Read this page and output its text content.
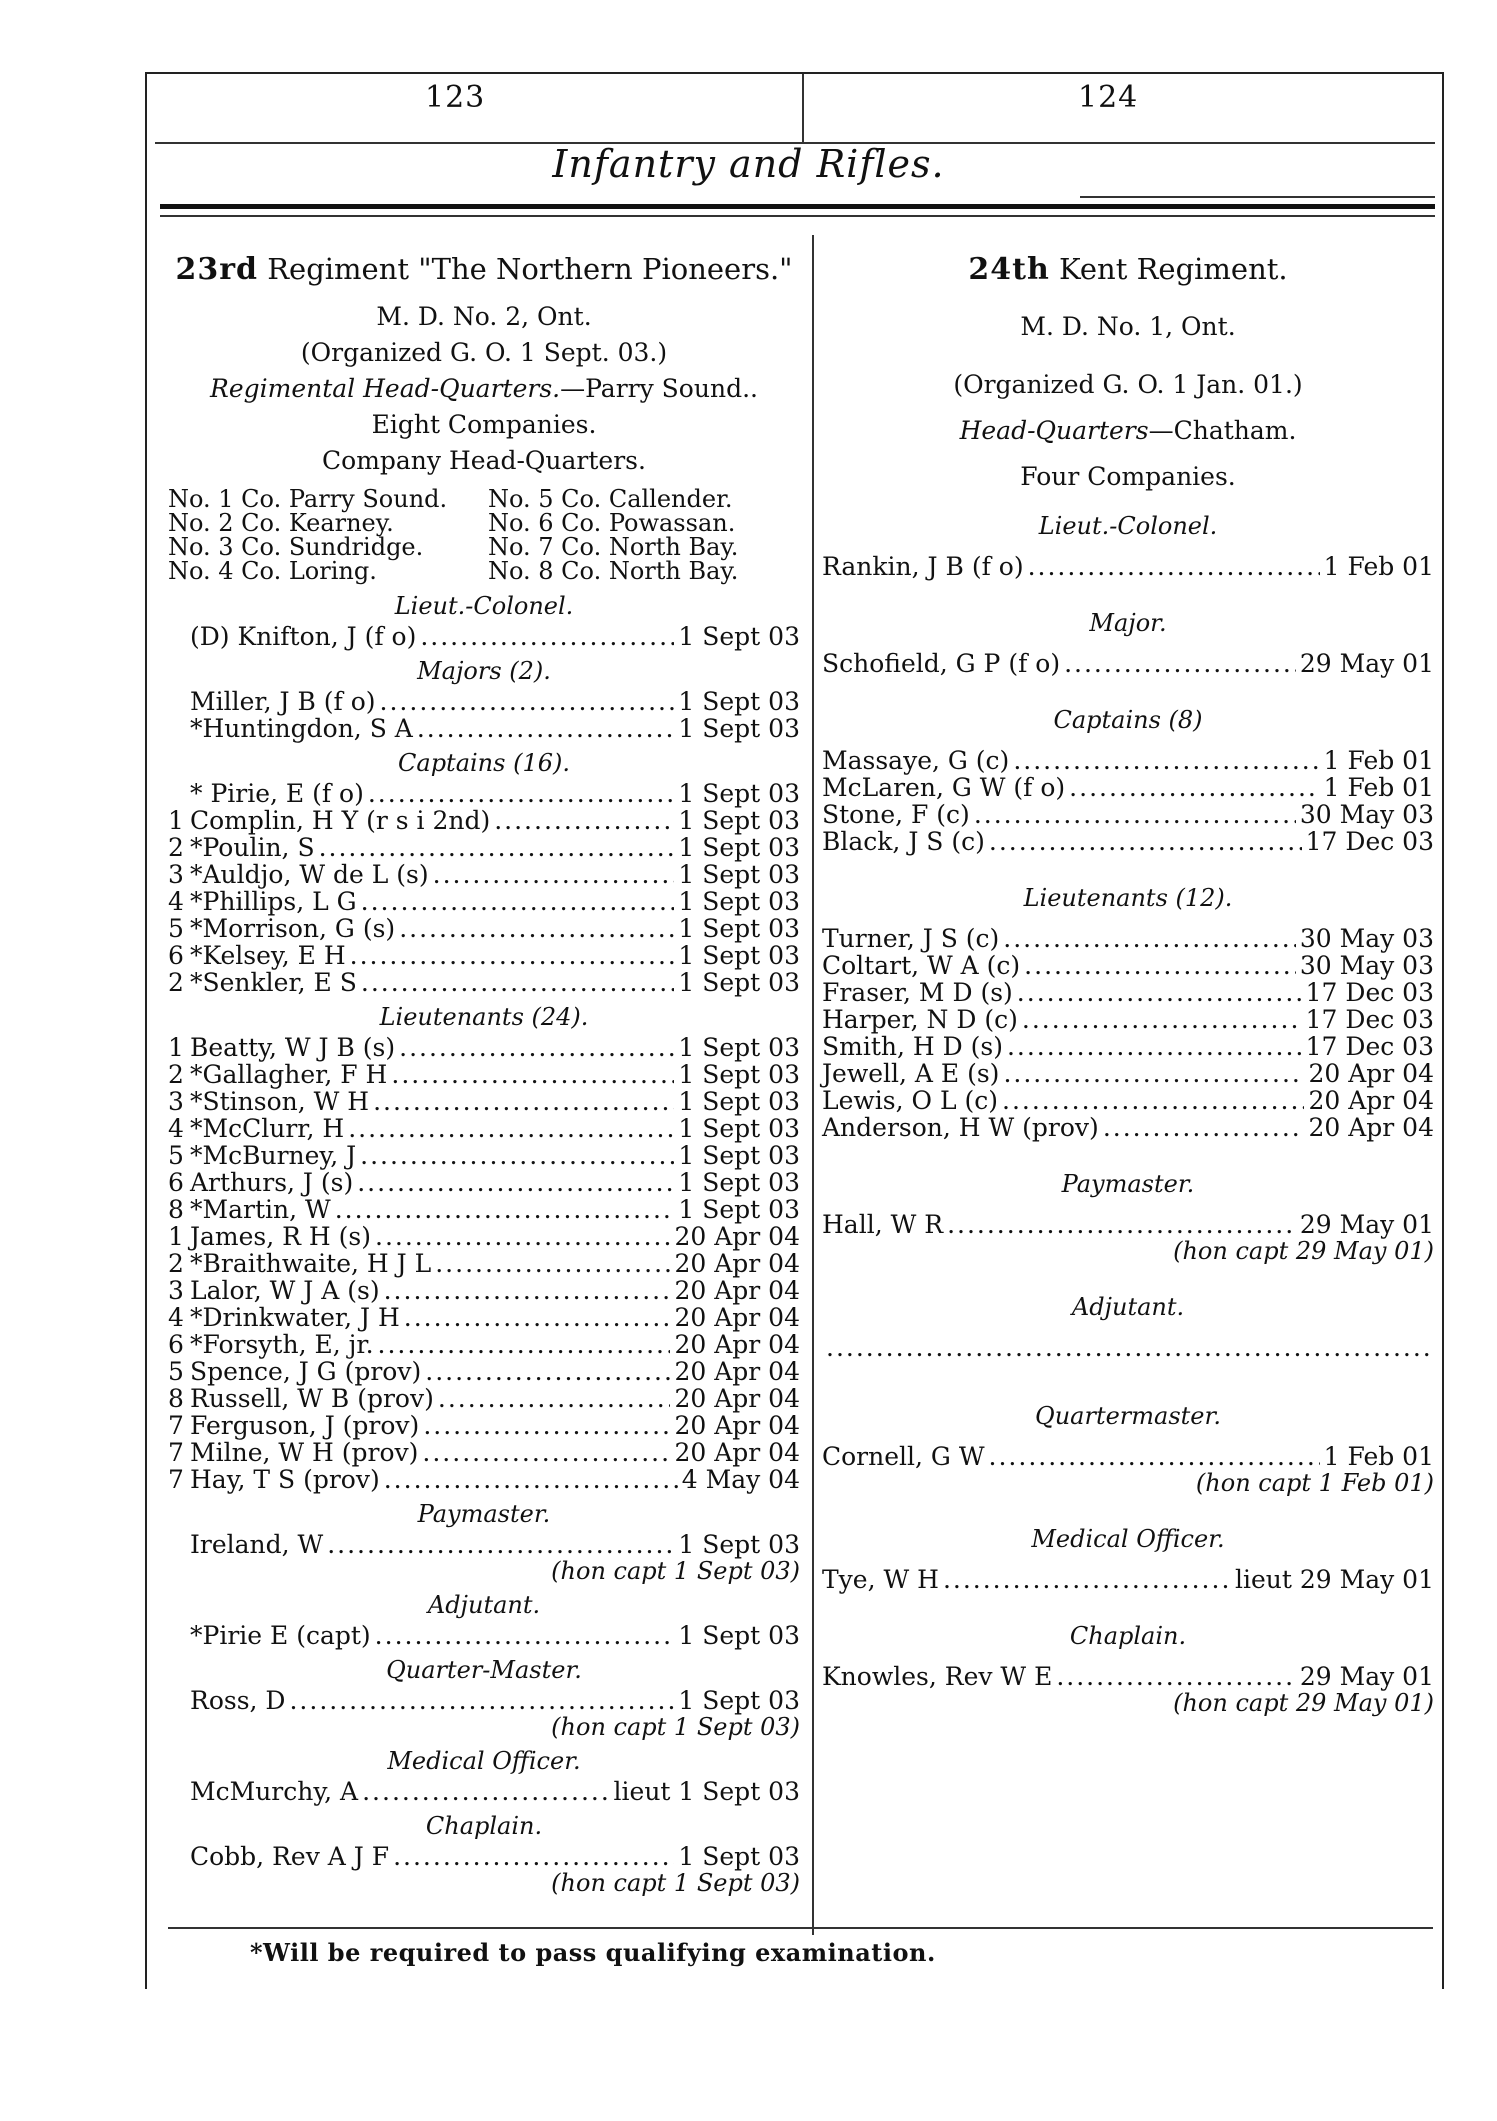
123	124
Infantry and Rifles.
23rd Regiment "The Northern Pioneers."
M. D. No. 2, Ont.
(Organized G. O. 1 Sept. 03.)
Regimental Head-Quarters.—Parry Sound..
Eight Companies.
Company Head-Quarters.
No. 1 Co. Parry Sound.	No. 5 Co. Callender.
No. 2 Co. Kearney.	No. 6 Co. Powassan.
No. 3 Co. Sundridge.	No. 7 Co. North Bay.
No. 4 Co. Loring.	No. 8 Co. North Bay.
Lieut.-Colonel.
(D) Knifton, J (f o) .....	1 Sept 03
Majors (2).
Miller, J B (f o) .....	1 Sept 03
*Huntingdon, S A .....	1 Sept 03
Captains (16).
* Pirie, E (f o) .....	1 Sept 03
1 Complin, H Y (r s i 2nd) .....	1 Sept 03
2 *Poulin, S .....	1 Sept 03
3 *Auldjo, W de L (s) .....	1 Sept 03
4 *Phillips, L G .....	1 Sept 03
5 *Morrison, G (s) .....	1 Sept 03
6 *Kelsey, E H .....	1 Sept 03
2 *Senkler, E S .....	1 Sept 03
Lieutenants (24).
1 Beatty, W J B (s) .....	1 Sept 03
2 *Gallagher, F H .....	1 Sept 03
3 *Stinson, W H .....	1 Sept 03
4 *McClurr, H .....	1 Sept 03
5 *McBurney, J .....	1 Sept 03
6 Arthurs, J (s) .....	1 Sept 03
8 *Martin, W .....	1 Sept 03
1 James, R H (s) .....	20 Apr 04
2 *Braithwaite, H J L .....	20 Apr 04
3 Lalor, W J A (s) .....	20 Apr 04
4 *Drinkwater, J H .....	20 Apr 04
6 *Forsyth, E, jr. .....	20 Apr 04
5 Spence, J G (prov) .....	20 Apr 04
8 Russell, W B (prov) .....	20 Apr 04
7 Ferguson, J (prov) .....	20 Apr 04
7 Milne, W H (prov) .....	20 Apr 04
7 Hay, T S (prov) .....	4 May 04
Paymaster.
Ireland, W .....	1 Sept 03
(hon capt 1 Sept 03)
Adjutant.
*Pirie E (capt) .....	1 Sept 03
Quarter-Master.
Ross, D .....	1 Sept 03
(hon capt 1 Sept 03)
Medical Officer.
McMurchy, A .....	lieut 1 Sept 03
Chaplain.
Cobb, Rev A J F .....	1 Sept 03
(hon capt 1 Sept 03)
24th Kent Regiment.
M. D. No. 1, Ont.
(Organized G. O. 1 Jan. 01.)
Head-Quarters—Chatham.
Four Companies.
Lieut.-Colonel.
Rankin, J B (f o) .....	1 Feb 01
Major.
Schofield, G P (f o) .....	29 May 01
Captains (8)
Massaye, G (c) .....	1 Feb 01
McLaren, G W (f o) .....	1 Feb 01
Stone, F (c) .....	30 May 03
Black, J S (c) .....	17 Dec 03
Lieutenants (12).
Turner, J S (c) .....	30 May 03
Coltart, W A (c) .....	30 May 03
Fraser, M D (s) .....	17 Dec 03
Harper, N D (c) .....	17 Dec 03
Smith, H D (s) .....	17 Dec 03
Jewell, A E (s) .....	20 Apr 04
Lewis, O L (c) .....	20 Apr 04
Anderson, H W (prov) .....	20 Apr 04
Paymaster.
Hall, W R .....	29 May 01
(hon capt 29 May 01)
Adjutant.
.....
Quartermaster.
Cornell, G W .....	1 Feb 01
(hon capt 1 Feb 01)
Medical Officer.
Tye, W H .....	lieut 29 May 01
Chaplain.
Knowles, Rev W E .....	29 May 01
(hon capt 29 May 01)
*Will be required to pass qualifying examination.
